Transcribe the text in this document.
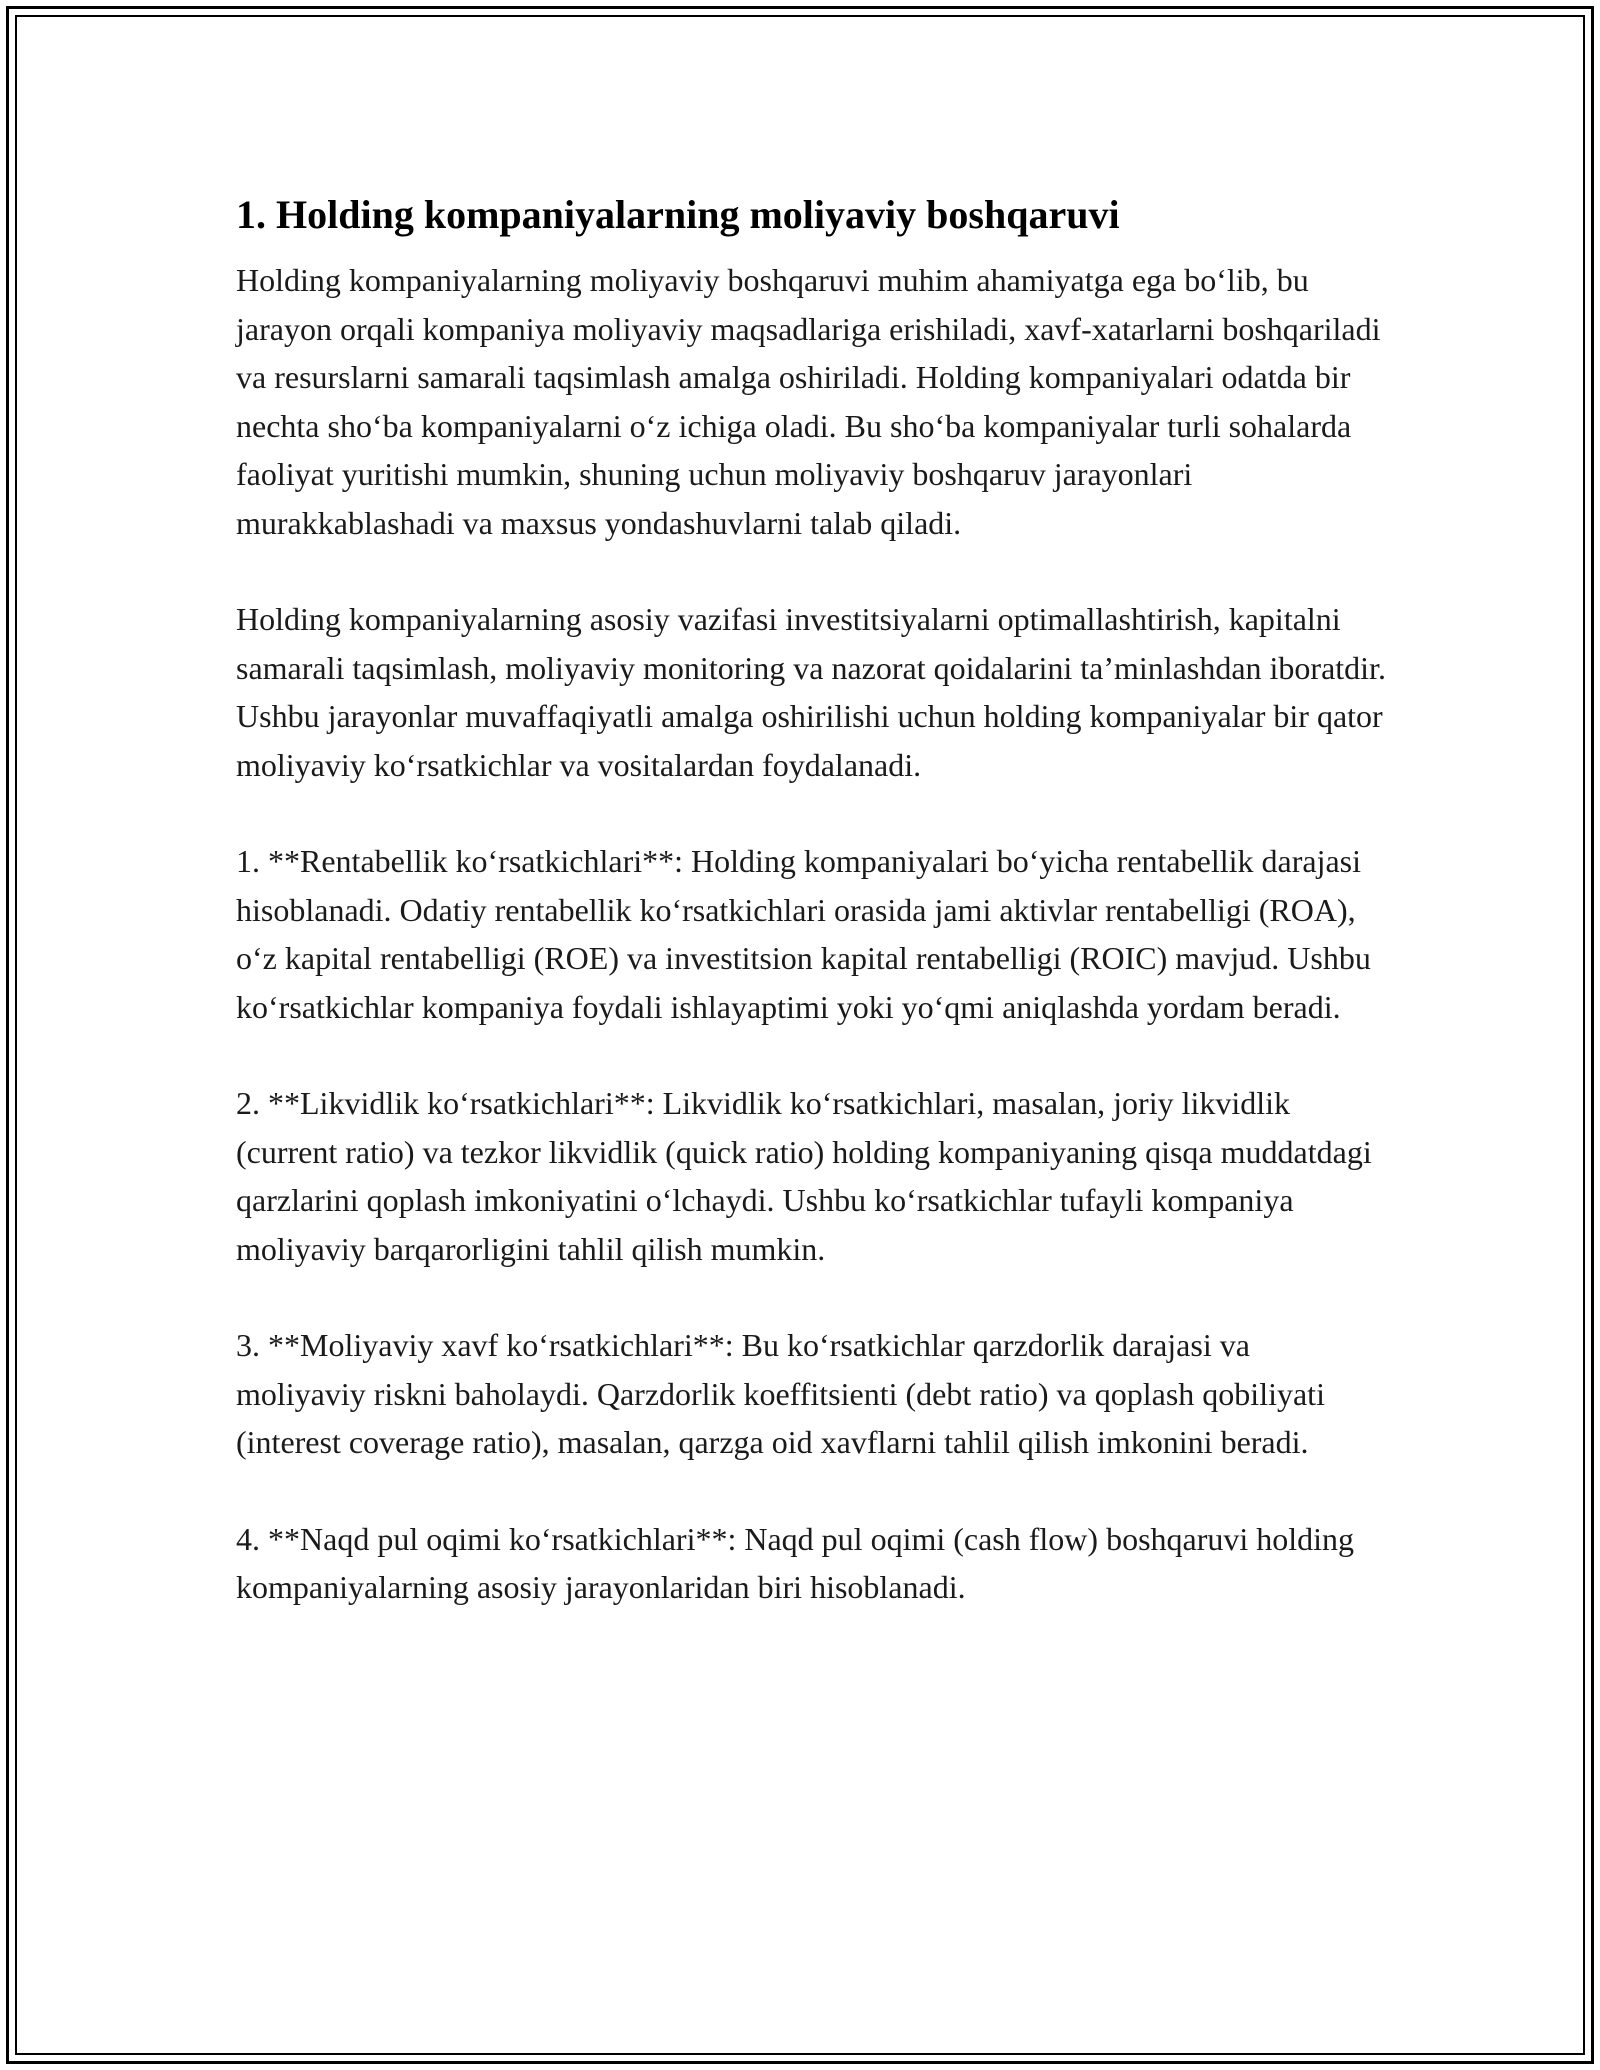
1. Holding kompaniyalarning moliyaviy boshqaruvi

Holding kompaniyalarning moliyaviy boshqaruvi muhim ahamiyatga ega bo‘lib, bu jarayon orqali kompaniya moliyaviy maqsadlariga erishiladi, xavf-xatarlarni boshqariladi va resurslarni samarali taqsimlash amalga oshiriladi. Holding kompaniyalari odatda bir nechta sho‘ba kompaniyalarni o‘z ichiga oladi. Bu sho‘ba kompaniyalar turli sohalarda faoliyat yuritishi mumkin, shuning uchun moliyaviy boshqaruv jarayonlari murakkablashadi va maxsus yondashuvlarni talab qiladi.

Holding kompaniyalarning asosiy vazifasi investitsiyalarni optimallashtirish, kapitalni samarali taqsimlash, moliyaviy monitoring va nazorat qoidalarini ta’minlashdan iboratdir. Ushbu jarayonlar muvaffaqiyatli amalga oshirilishi uchun holding kompaniyalar bir qator moliyaviy ko‘rsatkichlar va vositalardan foydalanadi.

1. **Rentabellik ko‘rsatkichlari**: Holding kompaniyalari bo‘yicha rentabellik darajasi hisoblanadi. Odatiy rentabellik ko‘rsatkichlari orasida jami aktivlar rentabelligi (ROA), o‘z kapital rentabelligi (ROE) va investitsion kapital rentabelligi (ROIC) mavjud. Ushbu ko‘rsatkichlar kompaniya foydali ishlayaptimi yoki yo‘qmi aniqlashda yordam beradi.

2. **Likvidlik ko‘rsatkichlari**: Likvidlik ko‘rsatkichlari, masalan, joriy likvidlik (current ratio) va tezkor likvidlik (quick ratio) holding kompaniyaning qisqa muddatdagi qarzlarini qoplash imkoniyatini o‘lchaydi. Ushbu ko‘rsatkichlar tufayli kompaniya moliyaviy barqarorligini tahlil qilish mumkin.

3. **Moliyaviy xavf ko‘rsatkichlari**: Bu ko‘rsatkichlar qarzdorlik darajasi va moliyaviy riskni baholaydi. Qarzdorlik koeffitsienti (debt ratio) va qoplash qobiliyati (interest coverage ratio), masalan, qarzga oid xavflarni tahlil qilish imkonini beradi.

4. **Naqd pul oqimi ko‘rsatkichlari**: Naqd pul oqimi (cash flow) boshqaruvi holding kompaniyalarning asosiy jarayonlaridan biri hisoblanadi.
